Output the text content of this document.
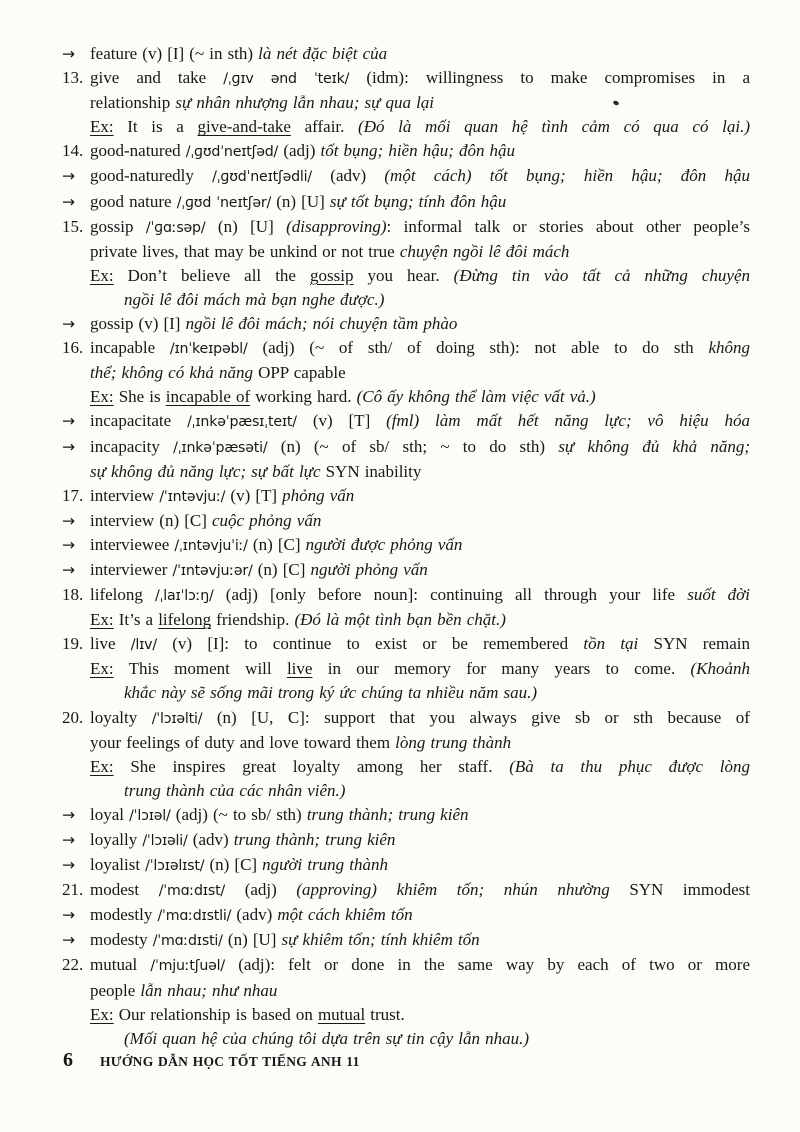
→ feature (v) [I] (~ in sth) là nét đặc biệt của
13. give and take /ˌɡɪv ənd ˈteɪk/ (idm): willingness to make compromises in a
relationship sự nhân nhượng lẫn nhau; sự qua lại
Ex: It is a give-and-take affair. (Đó là mối quan hệ tình cảm có qua có lại.)
14. good-natured /ˌɡʊdˈneɪtʃəd/ (adj) tốt bụng; hiền hậu; đôn hậu
→ good-naturedly /ˌɡʊdˈneɪtʃədli/ (adv) (một cách) tốt bụng; hiền hậu; đôn hậu
→ good nature /ˌɡʊd ˈneɪtʃər/ (n) [U] sự tốt bụng; tính đôn hậu
15. gossip /ˈɡɑːsəp/ (n) [U] (disapproving): informal talk or stories about other people’s
private lives, that may be unkind or not true chuyện ngồi lê đôi mách
Ex: Don’t believe all the gossip you hear. (Đừng tin vào tất cả những chuyện
ngồi lê đôi mách mà bạn nghe được.)
→ gossip (v) [I] ngồi lê đôi mách; nói chuyện tầm phào
16. incapable /ɪnˈkeɪpəbl/ (adj) (~ of sth/ of doing sth): not able to do sth không
thể; không có khả năng OPP capable
Ex: She is incapable of working hard. (Cô ấy không thể làm việc vất vả.)
→ incapacitate /ˌɪnkəˈpæsɪˌteɪt/ (v) [T] (fml) làm mất hết năng lực; vô hiệu hóa
→ incapacity /ˌɪnkəˈpæsəti/ (n) (~ of sb/ sth; ~ to do sth) sự không đủ khả năng;
sự không đủ năng lực; sự bất lực SYN inability
17. interview /ˈɪntəvjuː/ (v) [T] phỏng vấn
→ interview (n) [C] cuộc phỏng vấn
→ interviewee /ˌɪntəvjuˈiː/ (n) [C] người được phỏng vấn
→ interviewer /ˈɪntəvjuːər/ (n) [C] người phỏng vấn
18. lifelong /ˌlaɪˈlɔːŋ/ (adj) [only before noun]: continuing all through your life suốt đời
Ex: It’s a lifelong friendship. (Đó là một tình bạn bền chặt.)
19. live /lɪv/ (v) [I]: to continue to exist or be remembered tồn tại SYN remain
Ex: This moment will live in our memory for many years to come. (Khoảnh
khắc này sẽ sống mãi trong ký ức chúng ta nhiều năm sau.)
20. loyalty /ˈlɔɪəlti/ (n) [U, C]: support that you always give sb or sth because of
your feelings of duty and love toward them lòng trung thành
Ex: She inspires great loyalty among her staff. (Bà ta thu phục được lòng
trung thành của các nhân viên.)
→ loyal /ˈlɔɪəl/ (adj) (~ to sb/ sth) trung thành; trung kiên
→ loyally /ˈlɔɪəli/ (adv) trung thành; trung kiên
→ loyalist /ˈlɔɪəlɪst/ (n) [C] người trung thành
21. modest /ˈmɑːdɪst/ (adj) (approving) khiêm tốn; nhún nhường SYN immodest
→ modestly /ˈmɑːdɪstli/ (adv) một cách khiêm tốn
→ modesty /ˈmɑːdɪsti/ (n) [U] sự khiêm tốn; tính khiêm tốn
22. mutual /ˈmjuːtʃuəl/ (adj): felt or done in the same way by each of two or more
people lẫn nhau; như nhau
Ex: Our relationship is based on mutual trust.
(Mối quan hệ của chúng tôi dựa trên sự tin cậy lẫn nhau.)
6 HƯỚNG DẪN HỌC TỐT TIẾNG ANH 11
